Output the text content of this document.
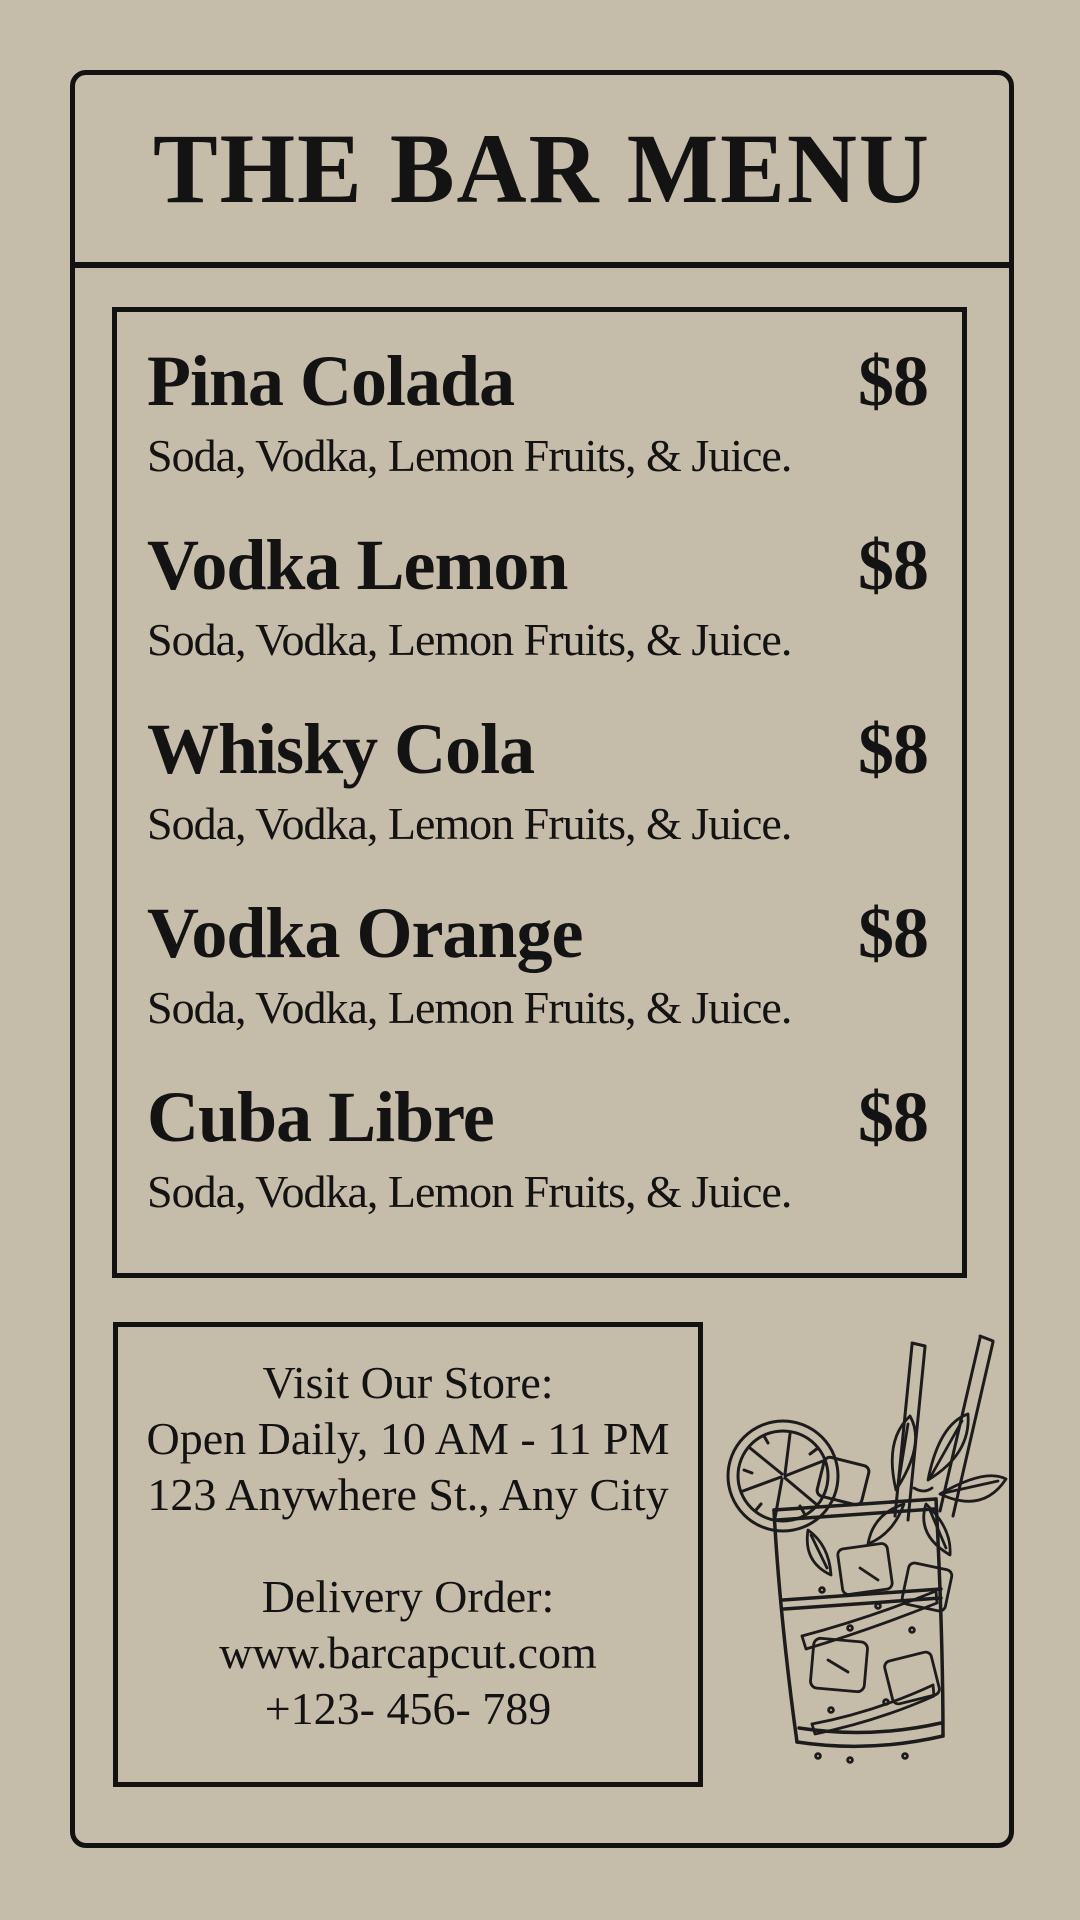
THE BAR MENU
Pina Colada	$8
Soda, Vodka, Lemon Fruits, & Juice.
Vodka Lemon	$8
Soda, Vodka, Lemon Fruits, & Juice.
Whisky Cola	$8
Soda, Vodka, Lemon Fruits, & Juice.
Vodka Orange	$8
Soda, Vodka, Lemon Fruits, & Juice.
Cuba Libre	$8
Soda, Vodka, Lemon Fruits, & Juice.
Visit Our Store:
Open Daily, 10 AM - 11 PM
123 Anywhere St., Any City
Delivery Order:
www.barcapcut.com
+123- 456- 789
